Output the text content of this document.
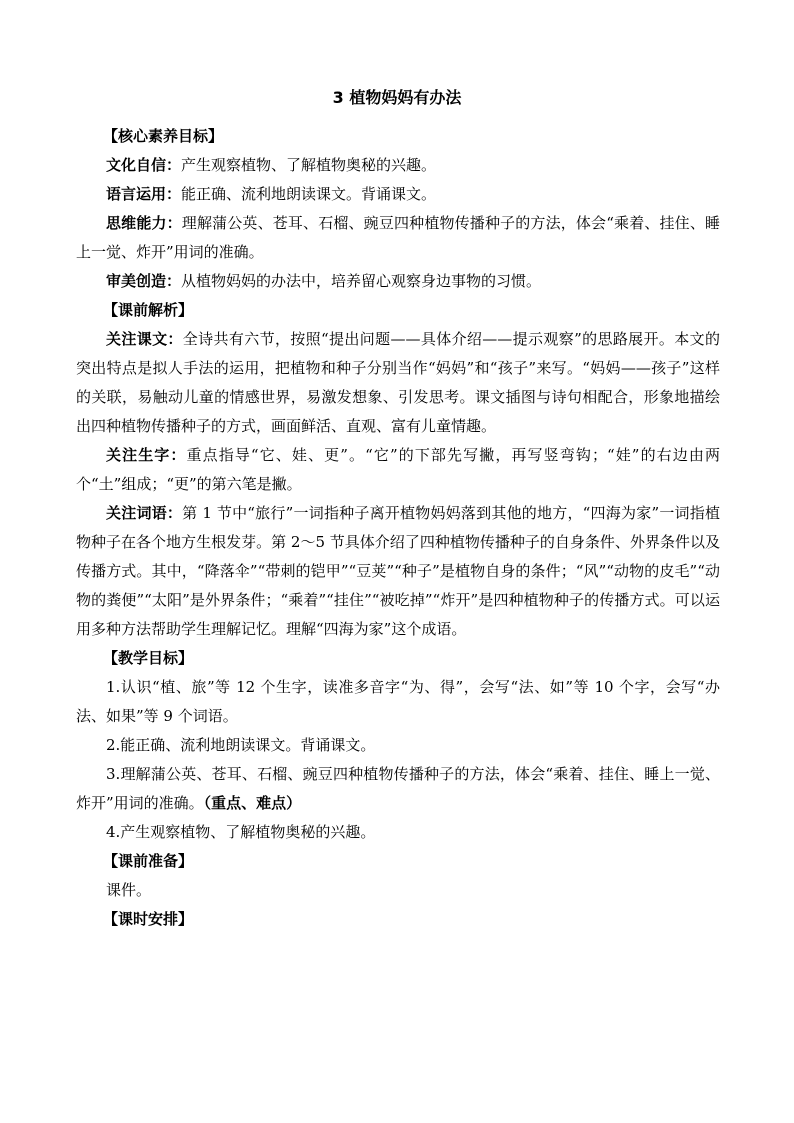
3 植物妈妈有办法

【核心素养目标】

文化自信：产生观察植物、了解植物奥秘的兴趣。

语言运用：能正确、流利地朗读课文。背诵课文。

思维能力：理解蒲公英、苍耳、石榴、豌豆四种植物传播种子的方法，体会“乘着、挂住、睡上一觉、炸开”用词的准确。

审美创造：从植物妈妈的办法中，培养留心观察身边事物的习惯。

【课前解析】

关注课文：全诗共有六节，按照“提出问题——具体介绍——提示观察”的思路展开。本文的突出特点是拟人手法的运用，把植物和种子分别当作“妈妈”和“孩子”来写。“妈妈——孩子”这样的关联，易触动儿童的情感世界，易激发想象、引发思考。课文插图与诗句相配合，形象地描绘出四种植物传播种子的方式，画面鲜活、直观、富有儿童情趣。

关注生字：重点指导“它、娃、更”。“它”的下部先写撇，再写竖弯钩；“娃”的右边由两个“土”组成；“更”的第六笔是撇。

关注词语：第 1 节中“旅行”一词指种子离开植物妈妈落到其他的地方，“四海为家”一词指植物种子在各个地方生根发芽。第 2～5 节具体介绍了四种植物传播种子的自身条件、外界条件以及传播方式。其中，“降落伞”“带刺的铠甲”“豆荚”“种子”是植物自身的条件；“风”“动物的皮毛”“动物的粪便”“太阳”是外界条件；“乘着”“挂住”“被吃掉”“炸开”是四种植物种子的传播方式。可以运用多种方法帮助学生理解记忆。理解“四海为家”这个成语。

【教学目标】

1.认识“植、旅”等 12 个生字，读准多音字“为、得”，会写“法、如”等 10 个字，会写“办法、如果”等 9 个词语。

2.能正确、流利地朗读课文。背诵课文。

3.理解蒲公英、苍耳、石榴、豌豆四种植物传播种子的方法，体会“乘着、挂住、睡上一觉、炸开”用词的准确。（重点、难点）

4.产生观察植物、了解植物奥秘的兴趣。

【课前准备】

课件。

【课时安排】
